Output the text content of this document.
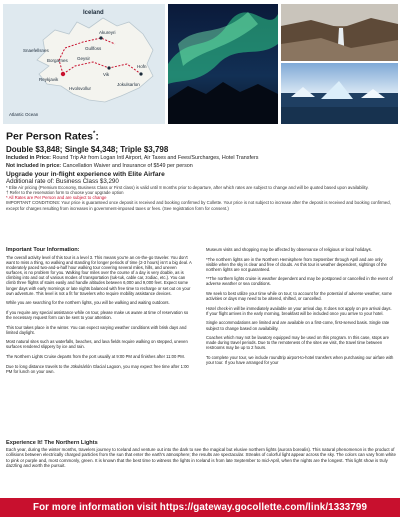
Iceland
Atlantic Ocean
Reykjavik
Akureyri
Borgarnes
Snaefellsnes
Geysir
Vik
Jokulsarlon
Hofn
Gullfoss
Hvolsvollur
Per Person Rates*:
Double $3,848; Single $4,348; Triple $3,798
Included in Price: Round Trip Air from Logan Intl Airport, Air Taxes and Fees/Surcharges, Hotel Transfers
Not included in price: Cancellation Waiver and Insurance of $549 per person
Upgrade your in-flight experience with Elite Airfare
Additional rate of: Business Class $3,290
* Elite Air pricing (Premium Economy, Business Class or First class) is valid until 8 months prior to departure, after which rates are subject to change and will be quoted based upon availability.
† Refer to the reservation form to choose your upgrade option
* All Rates are Per Person and are subject to change
IMPORTANT CONDITIONS: Your price is guaranteed once deposit is received and booking confirmed by Collette. Your price is not subject to increase after the deposit is received and booking confirmed, except for charges resulting from increases in government-imposed taxes or fees. (See registration form for consent.)
Important Tour Information:

The overall activity level of this tour is a level 3. This means you're an on-the-go traveler. You don't want to miss a thing, so walking and standing for longer periods of time (2-3 hours) isn't a big deal. A moderately paced two-and-a-half hour walking tour covering several miles, hills, and uneven surfaces, is no problem for you. Walking four miles over the course of a day is very doable, as is climbing into and out of various modes of transportation (tuk-tuk, cable car, zodiac, etc.). You can climb three flights of stairs easily and handle altitudes between 6,000 and 9,000 feet. Expect some longer days with early mornings or late nights balanced with free time to recharge or set out on your own adventure. This level is not a fit for travelers who require mobility assistance devices.

While you are searching for the northern lights, you will be walking and waiting outdoors.

If you require any special assistance while on tour, please make us aware at time of reservation so the necessary request form can be sent to your attention.

This tour takes place in the winter. You can expect varying weather conditions with brisk days and limited daylight.

Most natural sites such as waterfalls, beaches, and lava fields require walking on stepped, uneven surfaces rendered slippery by ice and rain.

The Northern Lights Cruise departs from the port usually at 9:00 PM and finishes after 11:00 PM.

Due to long distance travels to the Jökulsárlón Glacial Lagoon, you may expect free time after 1:00 PM for lunch on your own.

Museum visits and shopping may be affected by observance of religious or local holidays.

*The northern lights are in the Northern Hemisphere from September through April and are only visible when the sky is clear and free of clouds. As this tour is weather dependent, sightings of the northern lights are not guaranteed.

**The northern lights cruise is weather dependent and may be postponed or cancelled in the event of adverse weather or sea conditions.

We seek to best utilize your time while on tour; to account for the potential of adverse weather, some activities or days may need to be altered, shifted, or cancelled.

Hotel check-in will be immediately available on your arrival day. It does not apply on pre arrival days. If your flight arrives in the early morning, breakfast will be included once you arrive to your hotel.

Single accommodations are limited and are available on a first-come, first-served basis. Single rate subject to change based on availability.

Coaches which may not be lavatory equipped may be used on this program. In this case, stops are made during travel periods. Due to the remoteness of the sites we visit, the travel time between restrooms may be up to 2 hours.

To complete your tour, we include roundtrip airport-to-hotel transfers when purchasing our airfare with your tour. If you have arranged for your

Experience It! The Northern Lights

Each year, during the winter months, travelers journey to Iceland and venture out into the dark to see the magical but elusive northern lights (aurora borealis). This natural phenomenon is the product of collisions between electrically charged particles from the sun that enter the earth's atmosphere; the results are spectacular. Streaks of colorful light appear across the sky. The colors can vary from white to pink or purple and, most commonly, green. It is known that the best time to witness the lights in Iceland is from late September to mid-April, when the nights are the longest. This light show is truly dazzling and worth the pursuit.

For more information visit https://gateway.gocollette.com/link/1333799
